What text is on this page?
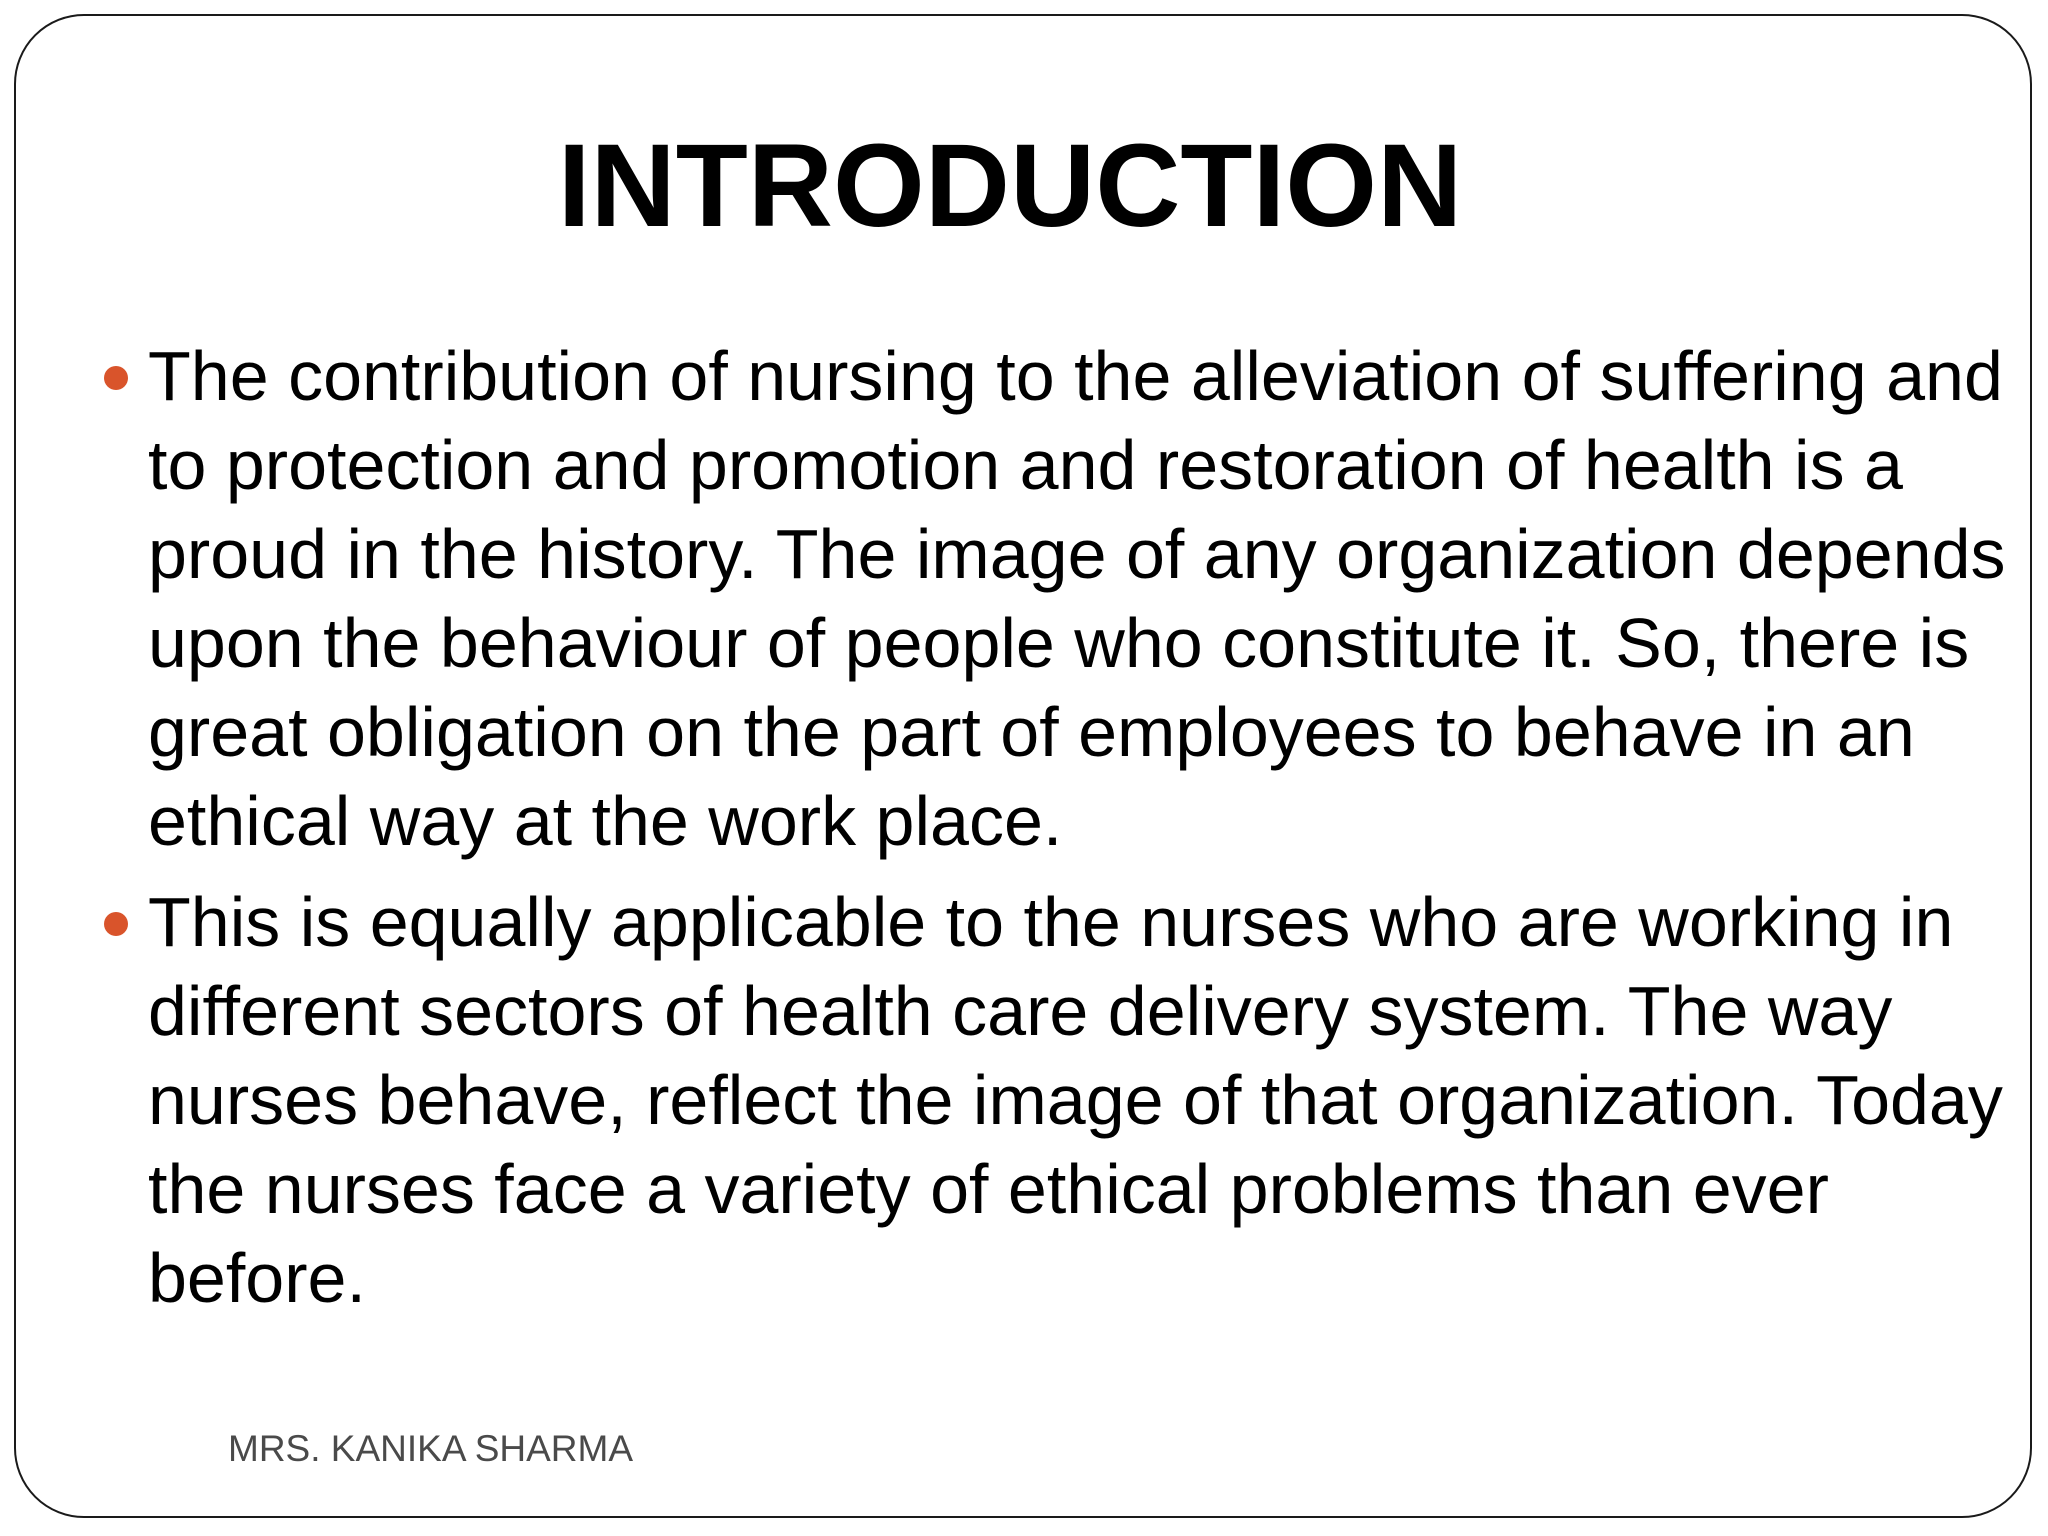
INTRODUCTION
The contribution of nursing to the alleviation of suffering and to protection and promotion and restoration of health is a proud in the history. The image of any organization depends upon the behaviour of people who constitute it. So, there is great obligation on the part of employees to behave in an ethical way at the work place.
This is equally applicable to the nurses who are working in different sectors of health care delivery system. The way nurses behave, reflect the image of that organization. Today the nurses face a variety of ethical problems than ever before.
MRS. KANIKA SHARMA
